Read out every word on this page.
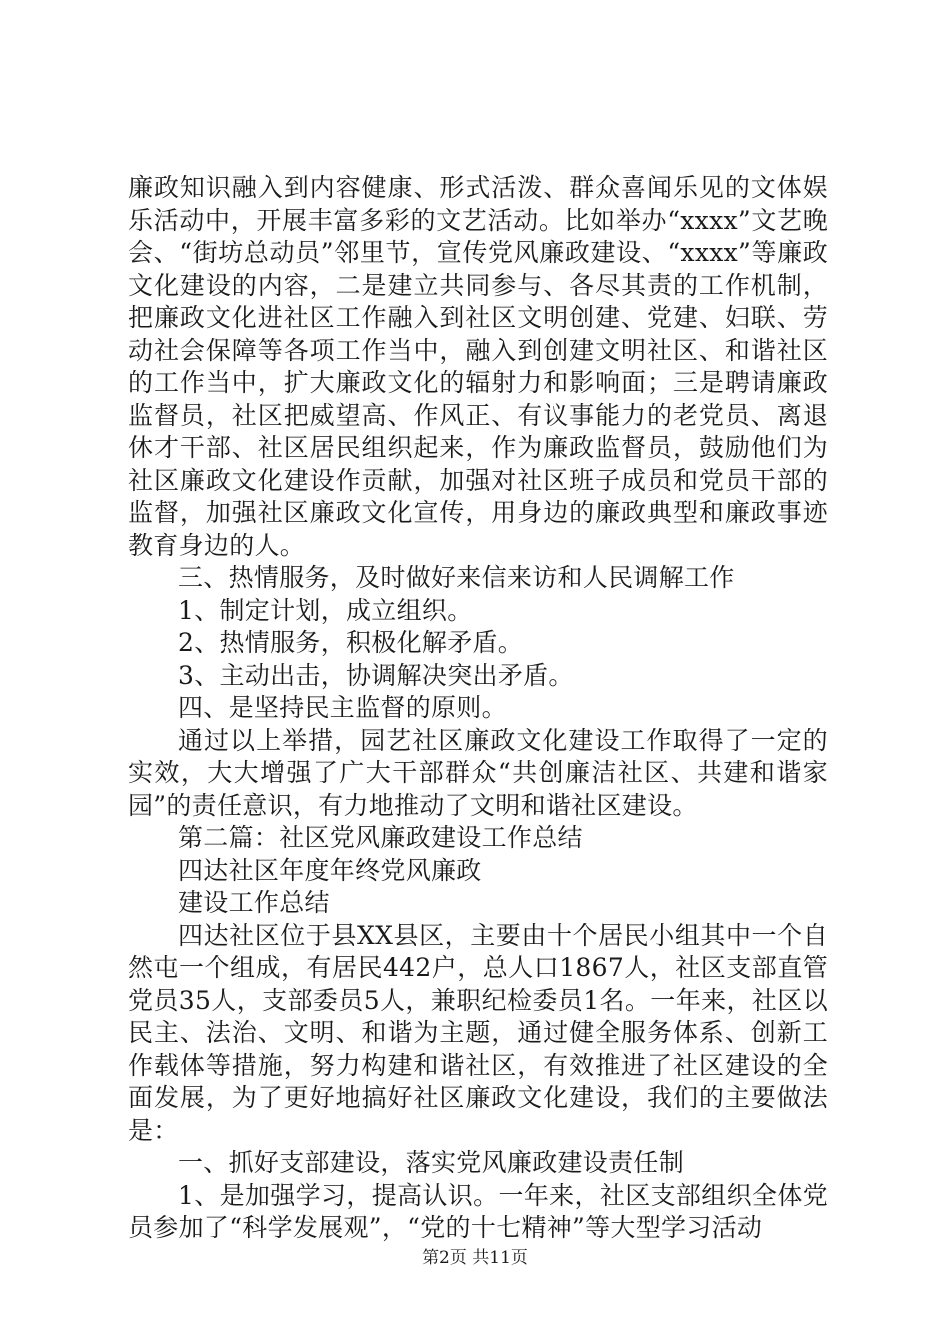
廉政知识融入到内容健康、形式活泼、群众喜闻乐见的文体娱乐活动中，开展丰富多彩的文艺活动。比如举办“xxxx”文艺晚会、“街坊总动员”邻里节，宣传党风廉政建设、“xxxx”等廉政文化建设的内容，二是建立共同参与、各尽其责的工作机制，把廉政文化进社区工作融入到社区文明创建、党建、妇联、劳动社会保障等各项工作当中，融入到创建文明社区、和谐社区的工作当中，扩大廉政文化的辐射力和影响面；三是聘请廉政监督员，社区把威望高、作风正、有议事能力的老党员、离退休才干部、社区居民组织起来，作为廉政监督员，鼓励他们为社区廉政文化建设作贡献，加强对社区班子成员和党员干部的监督，加强社区廉政文化宣传，用身边的廉政典型和廉政事迹教育身边的人。

三、热情服务，及时做好来信来访和人民调解工作

1、制定计划，成立组织。

2、热情服务，积极化解矛盾。

3、主动出击，协调解决突出矛盾。

四、是坚持民主监督的原则。

通过以上举措，园艺社区廉政文化建设工作取得了一定的实效，大大增强了广大干部群众“共创廉洁社区、共建和谐家园”的责任意识，有力地推动了文明和谐社区建设。

第二篇：社区党风廉政建设工作总结

四达社区年度年终党风廉政

建设工作总结

四达社区位于县XX县区，主要由十个居民小组其中一个自然屯一个组成，有居民442户，总人口1867人，社区支部直管党员35人，支部委员5人，兼职纪检委员1名。一年来，社区以民主、法治、文明、和谐为主题，通过健全服务体系、创新工作载体等措施，努力构建和谐社区，有效推进了社区建设的全面发展，为了更好地搞好社区廉政文化建设，我们的主要做法是：

一、抓好支部建设，落实党风廉政建设责任制

1、是加强学习，提高认识。一年来，社区支部组织全体党员参加了“科学发展观”，“党的十七精神”等大型学习活动

第2页 共11页
